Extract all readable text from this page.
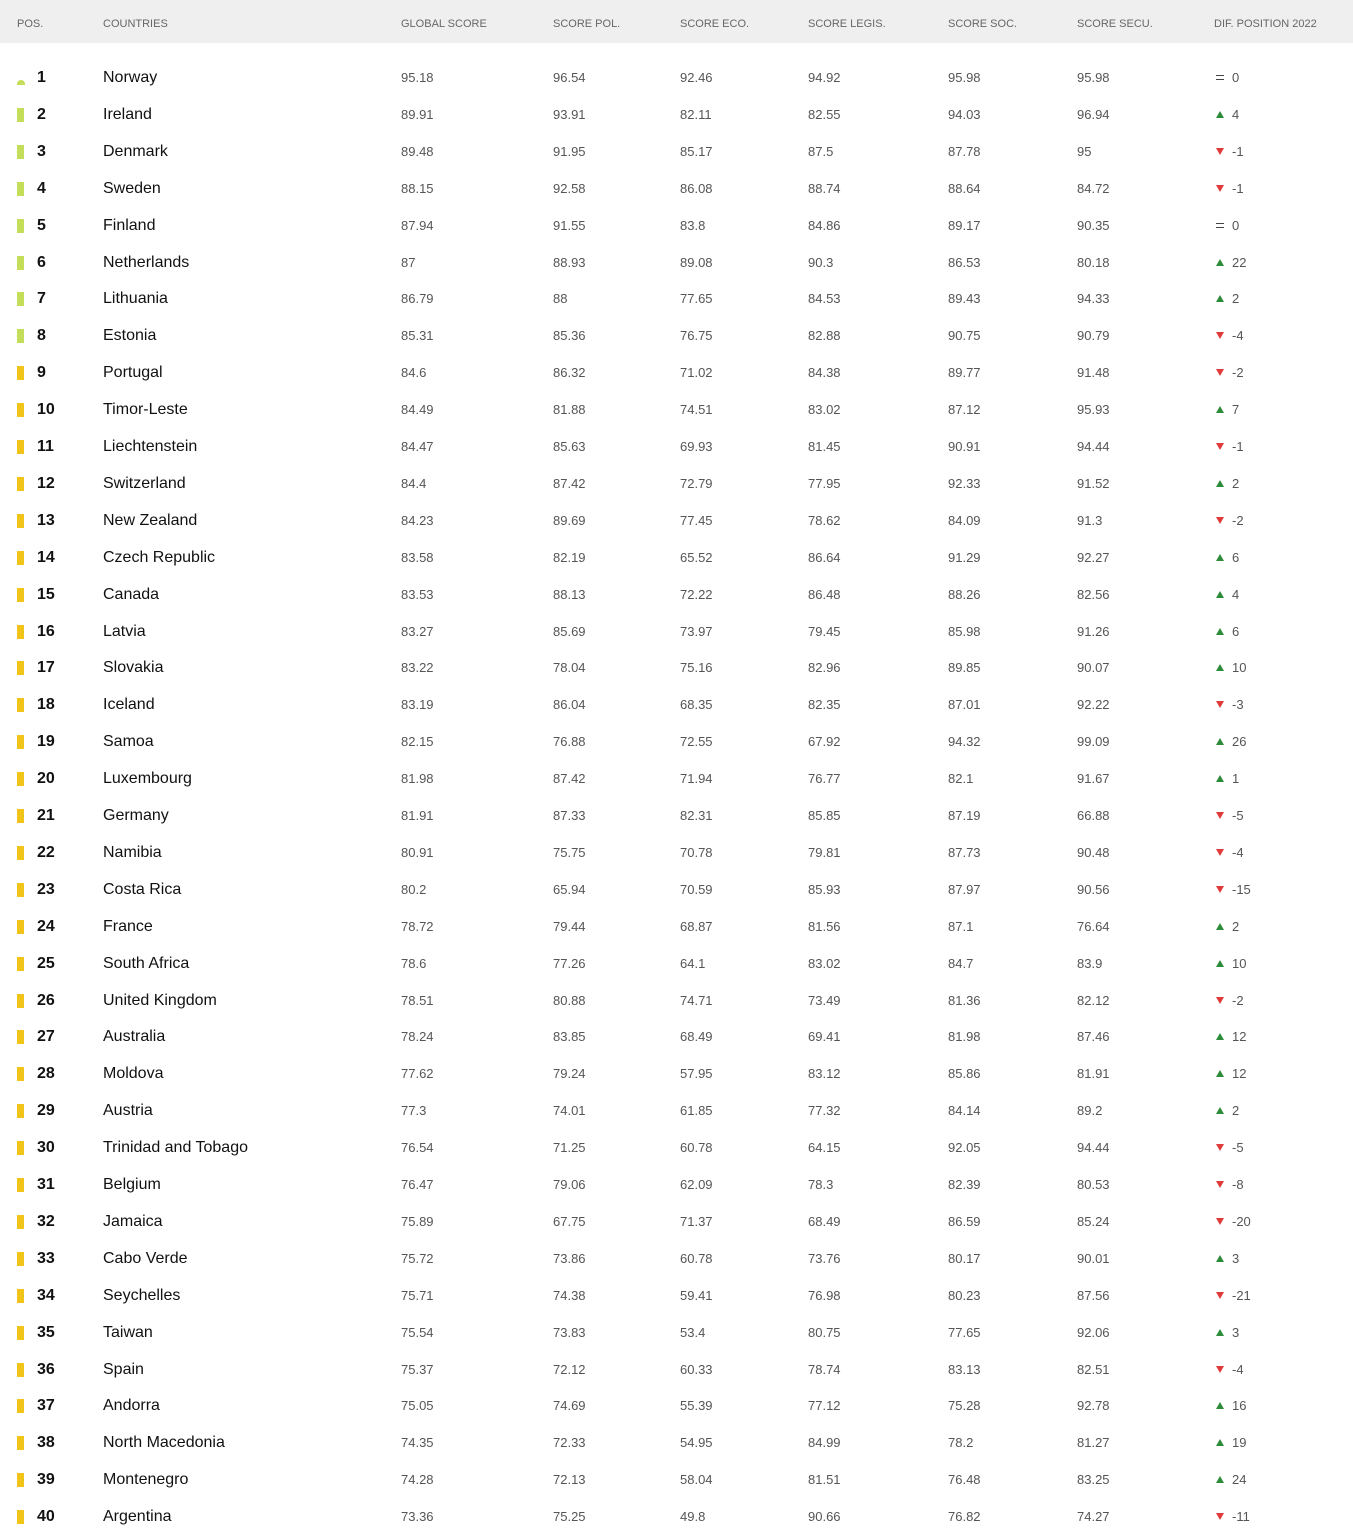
POS.	COUNTRIES	GLOBAL SCORE	SCORE POL.	SCORE ECO.	SCORE LEGIS.	SCORE SOC.	SCORE SECU.	DIF. POSITION 2022
1	Norway	95.18	96.54	92.46	94.92	95.98	95.98	0
2	Ireland	89.91	93.91	82.11	82.55	94.03	96.94	4
3	Denmark	89.48	91.95	85.17	87.5	87.78	95	-1
4	Sweden	88.15	92.58	86.08	88.74	88.64	84.72	-1
5	Finland	87.94	91.55	83.8	84.86	89.17	90.35	0
6	Netherlands	87	88.93	89.08	90.3	86.53	80.18	22
7	Lithuania	86.79	88	77.65	84.53	89.43	94.33	2
8	Estonia	85.31	85.36	76.75	82.88	90.75	90.79	-4
9	Portugal	84.6	86.32	71.02	84.38	89.77	91.48	-2
10	Timor-Leste	84.49	81.88	74.51	83.02	87.12	95.93	7
11	Liechtenstein	84.47	85.63	69.93	81.45	90.91	94.44	-1
12	Switzerland	84.4	87.42	72.79	77.95	92.33	91.52	2
13	New Zealand	84.23	89.69	77.45	78.62	84.09	91.3	-2
14	Czech Republic	83.58	82.19	65.52	86.64	91.29	92.27	6
15	Canada	83.53	88.13	72.22	86.48	88.26	82.56	4
16	Latvia	83.27	85.69	73.97	79.45	85.98	91.26	6
17	Slovakia	83.22	78.04	75.16	82.96	89.85	90.07	10
18	Iceland	83.19	86.04	68.35	82.35	87.01	92.22	-3
19	Samoa	82.15	76.88	72.55	67.92	94.32	99.09	26
20	Luxembourg	81.98	87.42	71.94	76.77	82.1	91.67	1
21	Germany	81.91	87.33	82.31	85.85	87.19	66.88	-5
22	Namibia	80.91	75.75	70.78	79.81	87.73	90.48	-4
23	Costa Rica	80.2	65.94	70.59	85.93	87.97	90.56	-15
24	France	78.72	79.44	68.87	81.56	87.1	76.64	2
25	South Africa	78.6	77.26	64.1	83.02	84.7	83.9	10
26	United Kingdom	78.51	80.88	74.71	73.49	81.36	82.12	-2
27	Australia	78.24	83.85	68.49	69.41	81.98	87.46	12
28	Moldova	77.62	79.24	57.95	83.12	85.86	81.91	12
29	Austria	77.3	74.01	61.85	77.32	84.14	89.2	2
30	Trinidad and Tobago	76.54	71.25	60.78	64.15	92.05	94.44	-5
31	Belgium	76.47	79.06	62.09	78.3	82.39	80.53	-8
32	Jamaica	75.89	67.75	71.37	68.49	86.59	85.24	-20
33	Cabo Verde	75.72	73.86	60.78	73.76	80.17	90.01	3
34	Seychelles	75.71	74.38	59.41	76.98	80.23	87.56	-21
35	Taiwan	75.54	73.83	53.4	80.75	77.65	92.06	3
36	Spain	75.37	72.12	60.33	78.74	83.13	82.51	-4
37	Andorra	75.05	74.69	55.39	77.12	75.28	92.78	16
38	North Macedonia	74.35	72.33	54.95	84.99	78.2	81.27	19
39	Montenegro	74.28	72.13	58.04	81.51	76.48	83.25	24
40	Argentina	73.36	75.25	49.8	90.66	76.82	74.27	-11
